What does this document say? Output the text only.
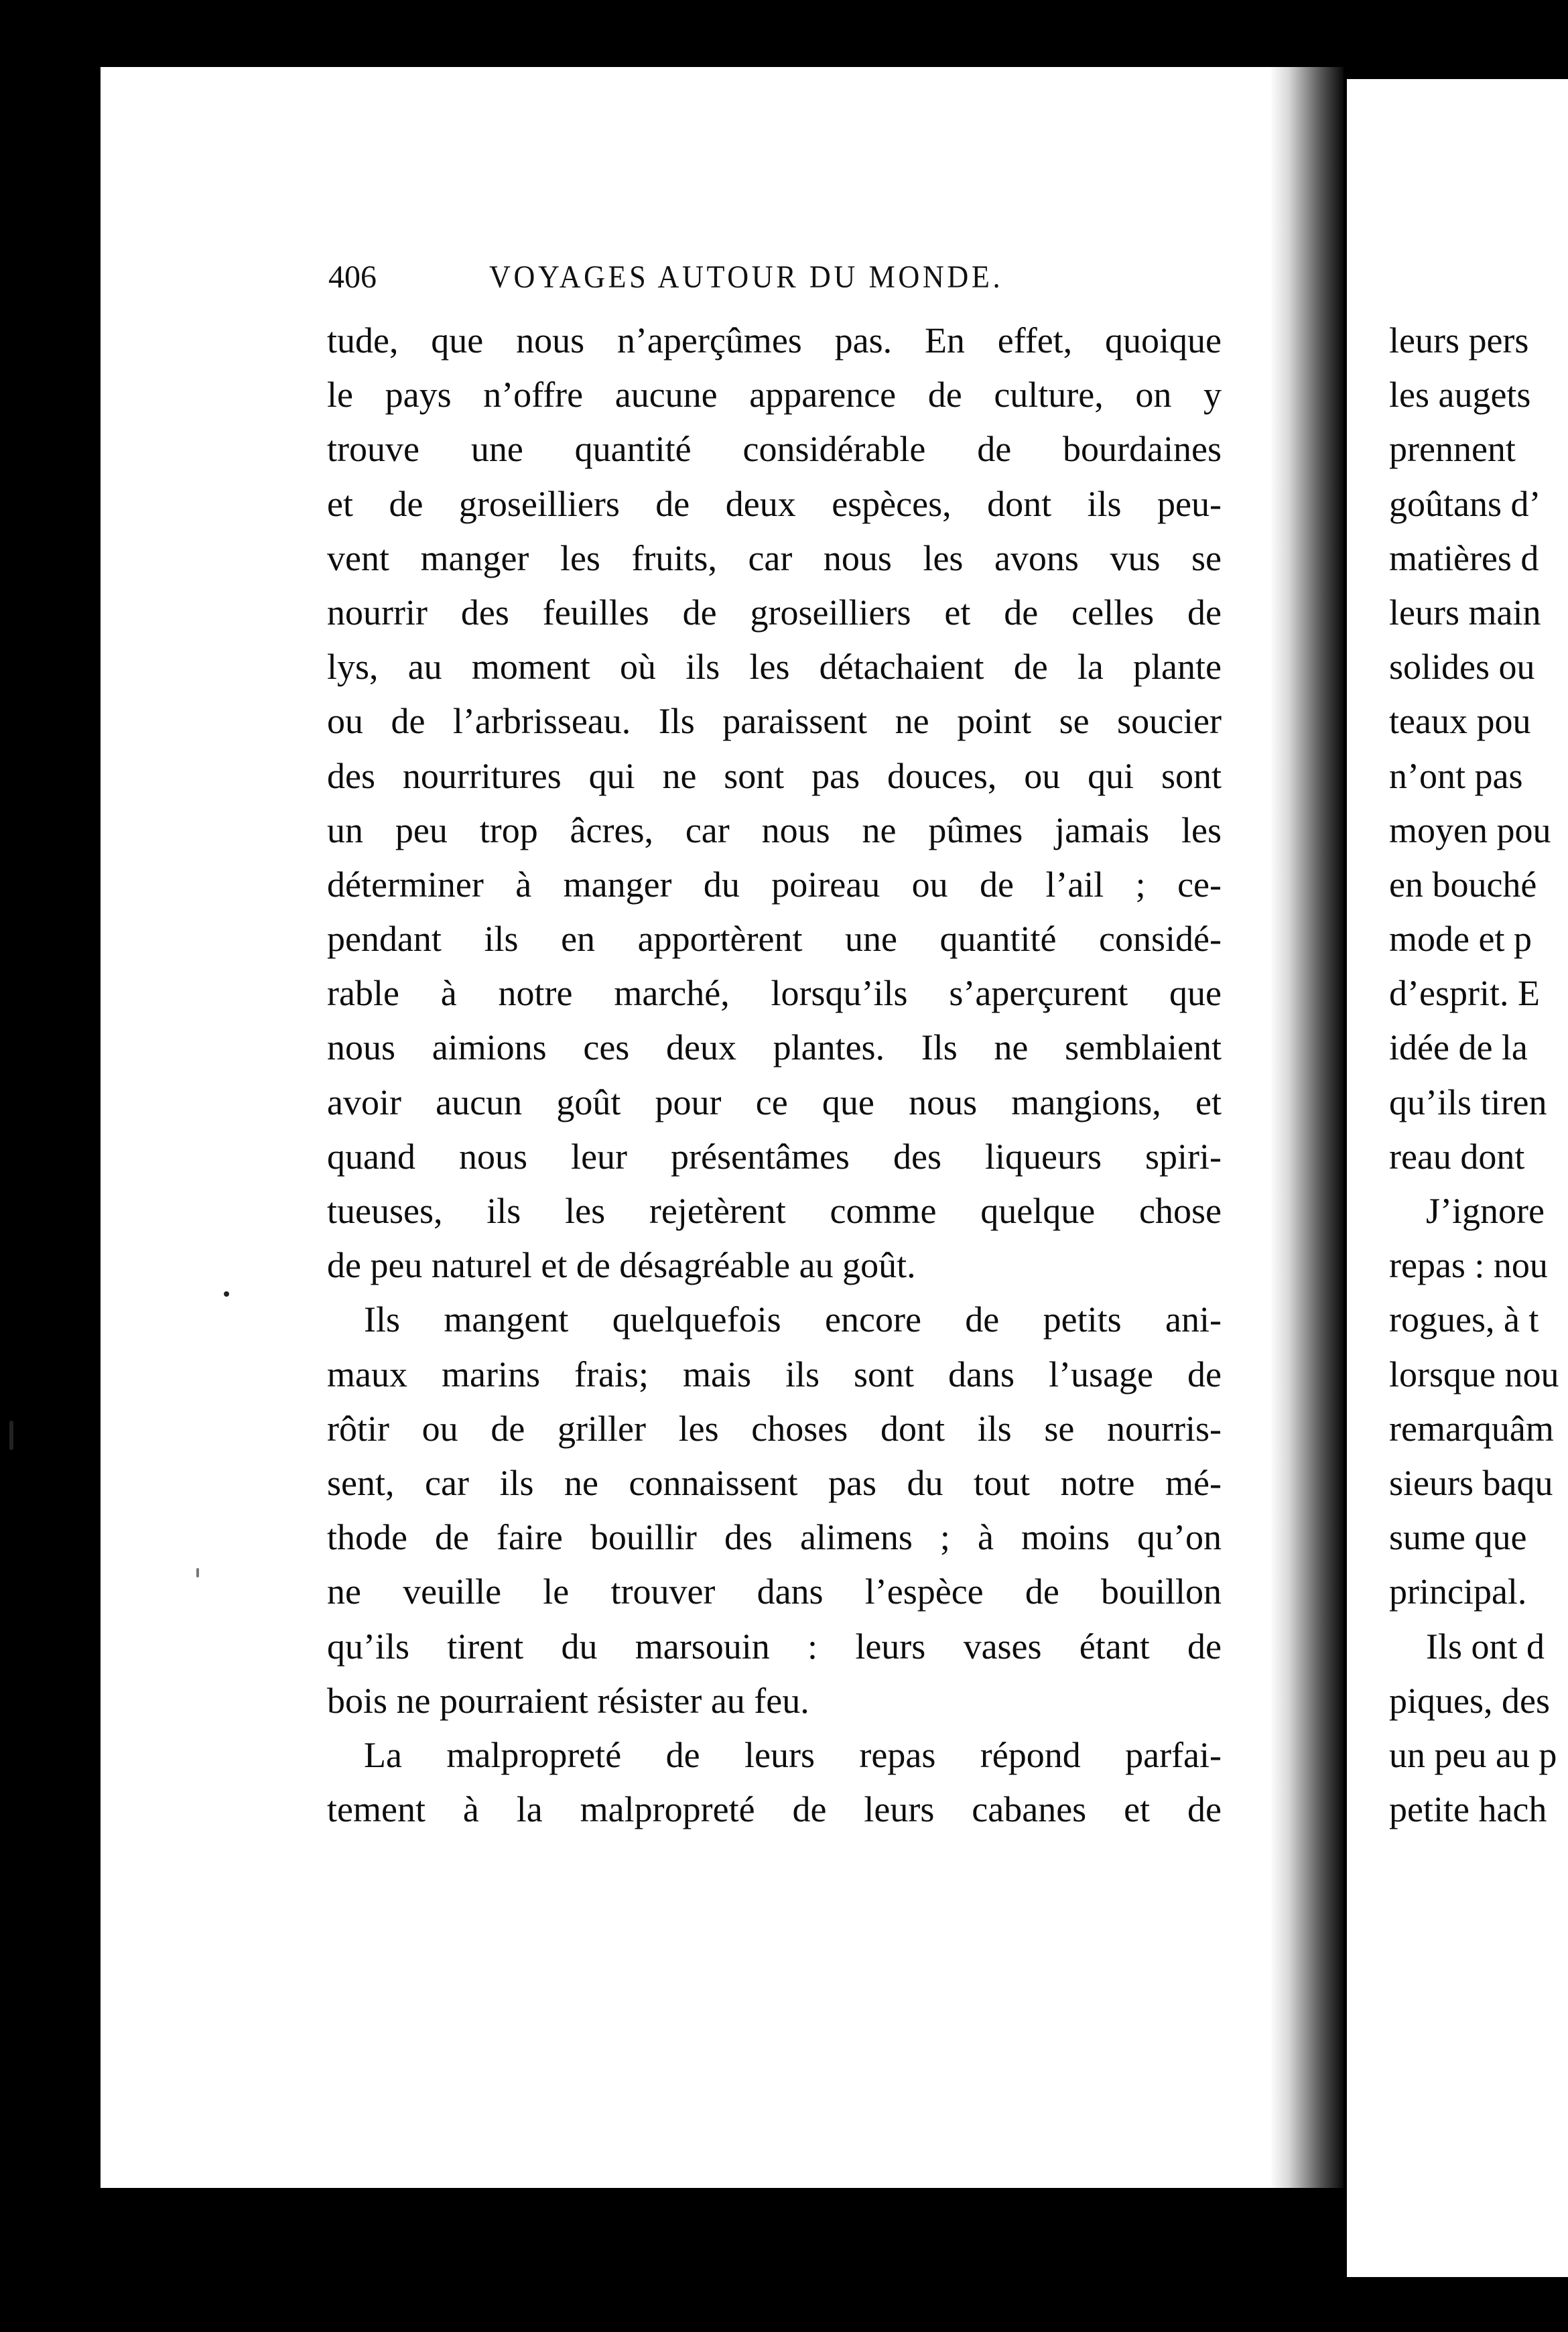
406	VOYAGES AUTOUR DU MONDE.
tude, que nous n’aperçûmes pas. En effet, quoique
le pays n’offre aucune apparence de culture, on y
trouve une quantité considérable de bourdaines
et de groseilliers de deux espèces, dont ils peu-
vent manger les fruits, car nous les avons vus se
nourrir des feuilles de groseilliers et de celles de
lys, au moment où ils les détachaient de la plante
ou de l’arbrisseau. Ils paraissent ne point se soucier
des nourritures qui ne sont pas douces, ou qui sont
un peu trop âcres, car nous ne pûmes jamais les
déterminer à manger du poireau ou de l’ail ; ce-
pendant ils en apportèrent une quantité considé-
rable à notre marché, lorsqu’ils s’aperçurent que
nous aimions ces deux plantes. Ils ne semblaient
avoir aucun goût pour ce que nous mangions, et
quand nous leur présentâmes des liqueurs spiri-
tueuses, ils les rejetèrent comme quelque chose
de peu naturel et de désagréable au goût.
Ils mangent quelquefois encore de petits ani-
maux marins frais; mais ils sont dans l’usage de
rôtir ou de griller les choses dont ils se nourris-
sent, car ils ne connaissent pas du tout notre mé-
thode de faire bouillir des alimens ; à moins qu’on
ne veuille le trouver dans l’espèce de bouillon
qu’ils tirent du marsouin : leurs vases étant de
bois ne pourraient résister au feu.
La malpropreté de leurs repas répond parfai-
tement à la malpropreté de leurs cabanes et de
leurs pers
les augets
prennent
goûtans d’
matières d
leurs main
solides ou
teaux pou
n’ont pas
moyen pou
en bouché
mode et p
d’esprit. E
idée de la
qu’ils tiren
reau dont
J’ignore
repas : nou
rogues, à t
lorsque nou
remarquâm
sieurs baqu
sume que
principal.
Ils ont d
piques, des
un peu au p
petite hach
